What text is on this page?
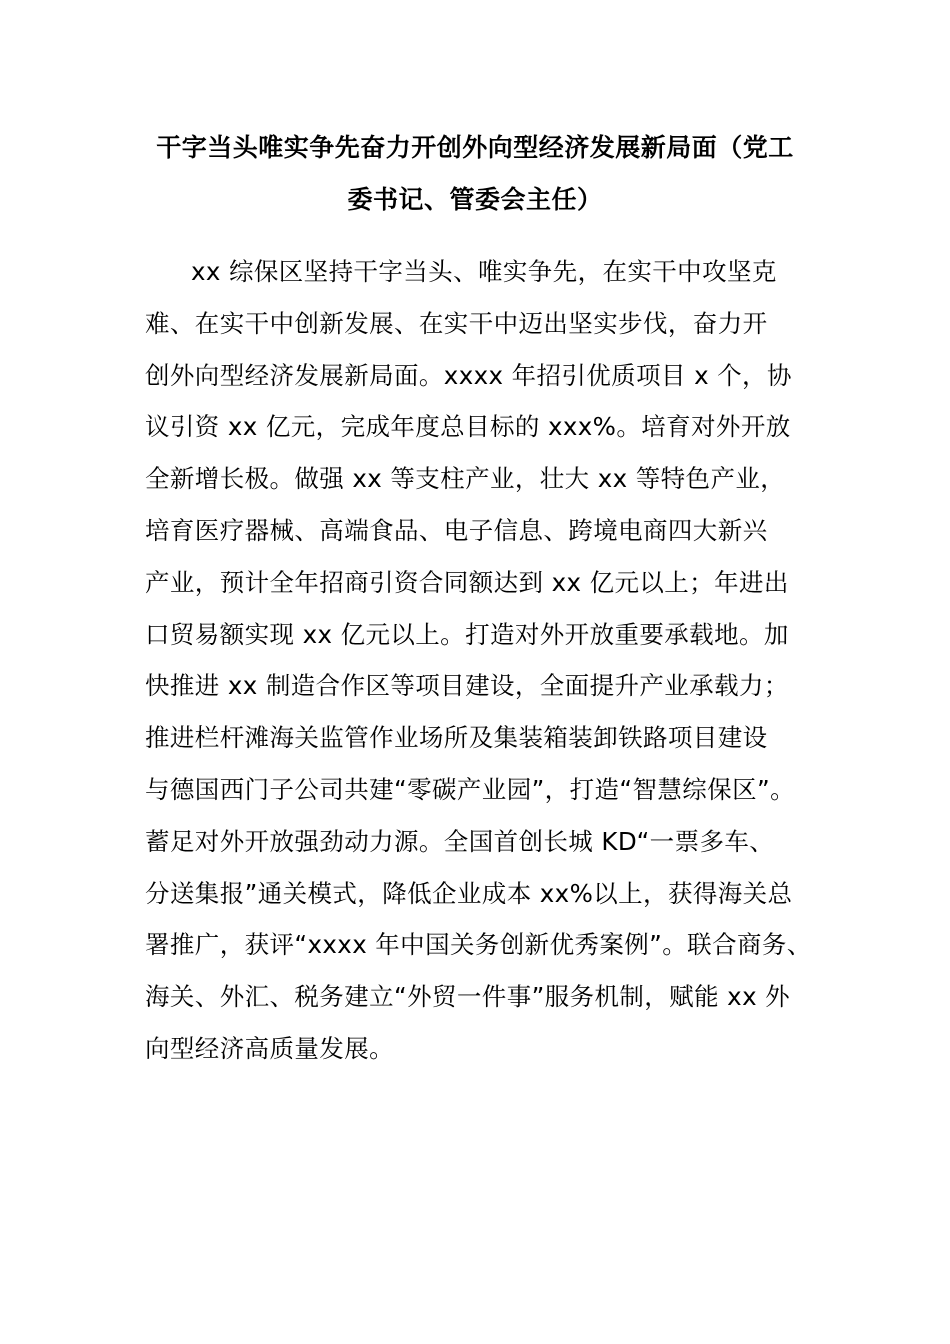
干字当头唯实争先奋力开创外向型经济发展新局面（党工
委书记、管委会主任）
xx 综保区坚持干字当头、唯实争先，在实干中攻坚克
难、在实干中创新发展、在实干中迈出坚实步伐，奋力开
创外向型经济发展新局面。xxxx 年招引优质项目 x 个，协
议引资 xx 亿元，完成年度总目标的 xxx%。培育对外开放
全新增长极。做强 xx 等支柱产业，壮大 xx 等特色产业，
培育医疗器械、高端食品、电子信息、跨境电商四大新兴
产业，预计全年招商引资合同额达到 xx 亿元以上；年进出
口贸易额实现 xx 亿元以上。打造对外开放重要承载地。加
快推进 xx 制造合作区等项目建设，全面提升产业承载力；
推进栏杆滩海关监管作业场所及集装箱装卸铁路项目建设
与德国西门子公司共建“零碳产业园”，打造“智慧综保区”。
蓄足对外开放强劲动力源。全国首创长城 KD“一票多车、
分送集报”通关模式，降低企业成本 xx%以上，获得海关总
署推广，获评“xxxx 年中国关务创新优秀案例”。联合商务、
海关、外汇、税务建立“外贸一件事”服务机制，赋能 xx 外
向型经济高质量发展。
